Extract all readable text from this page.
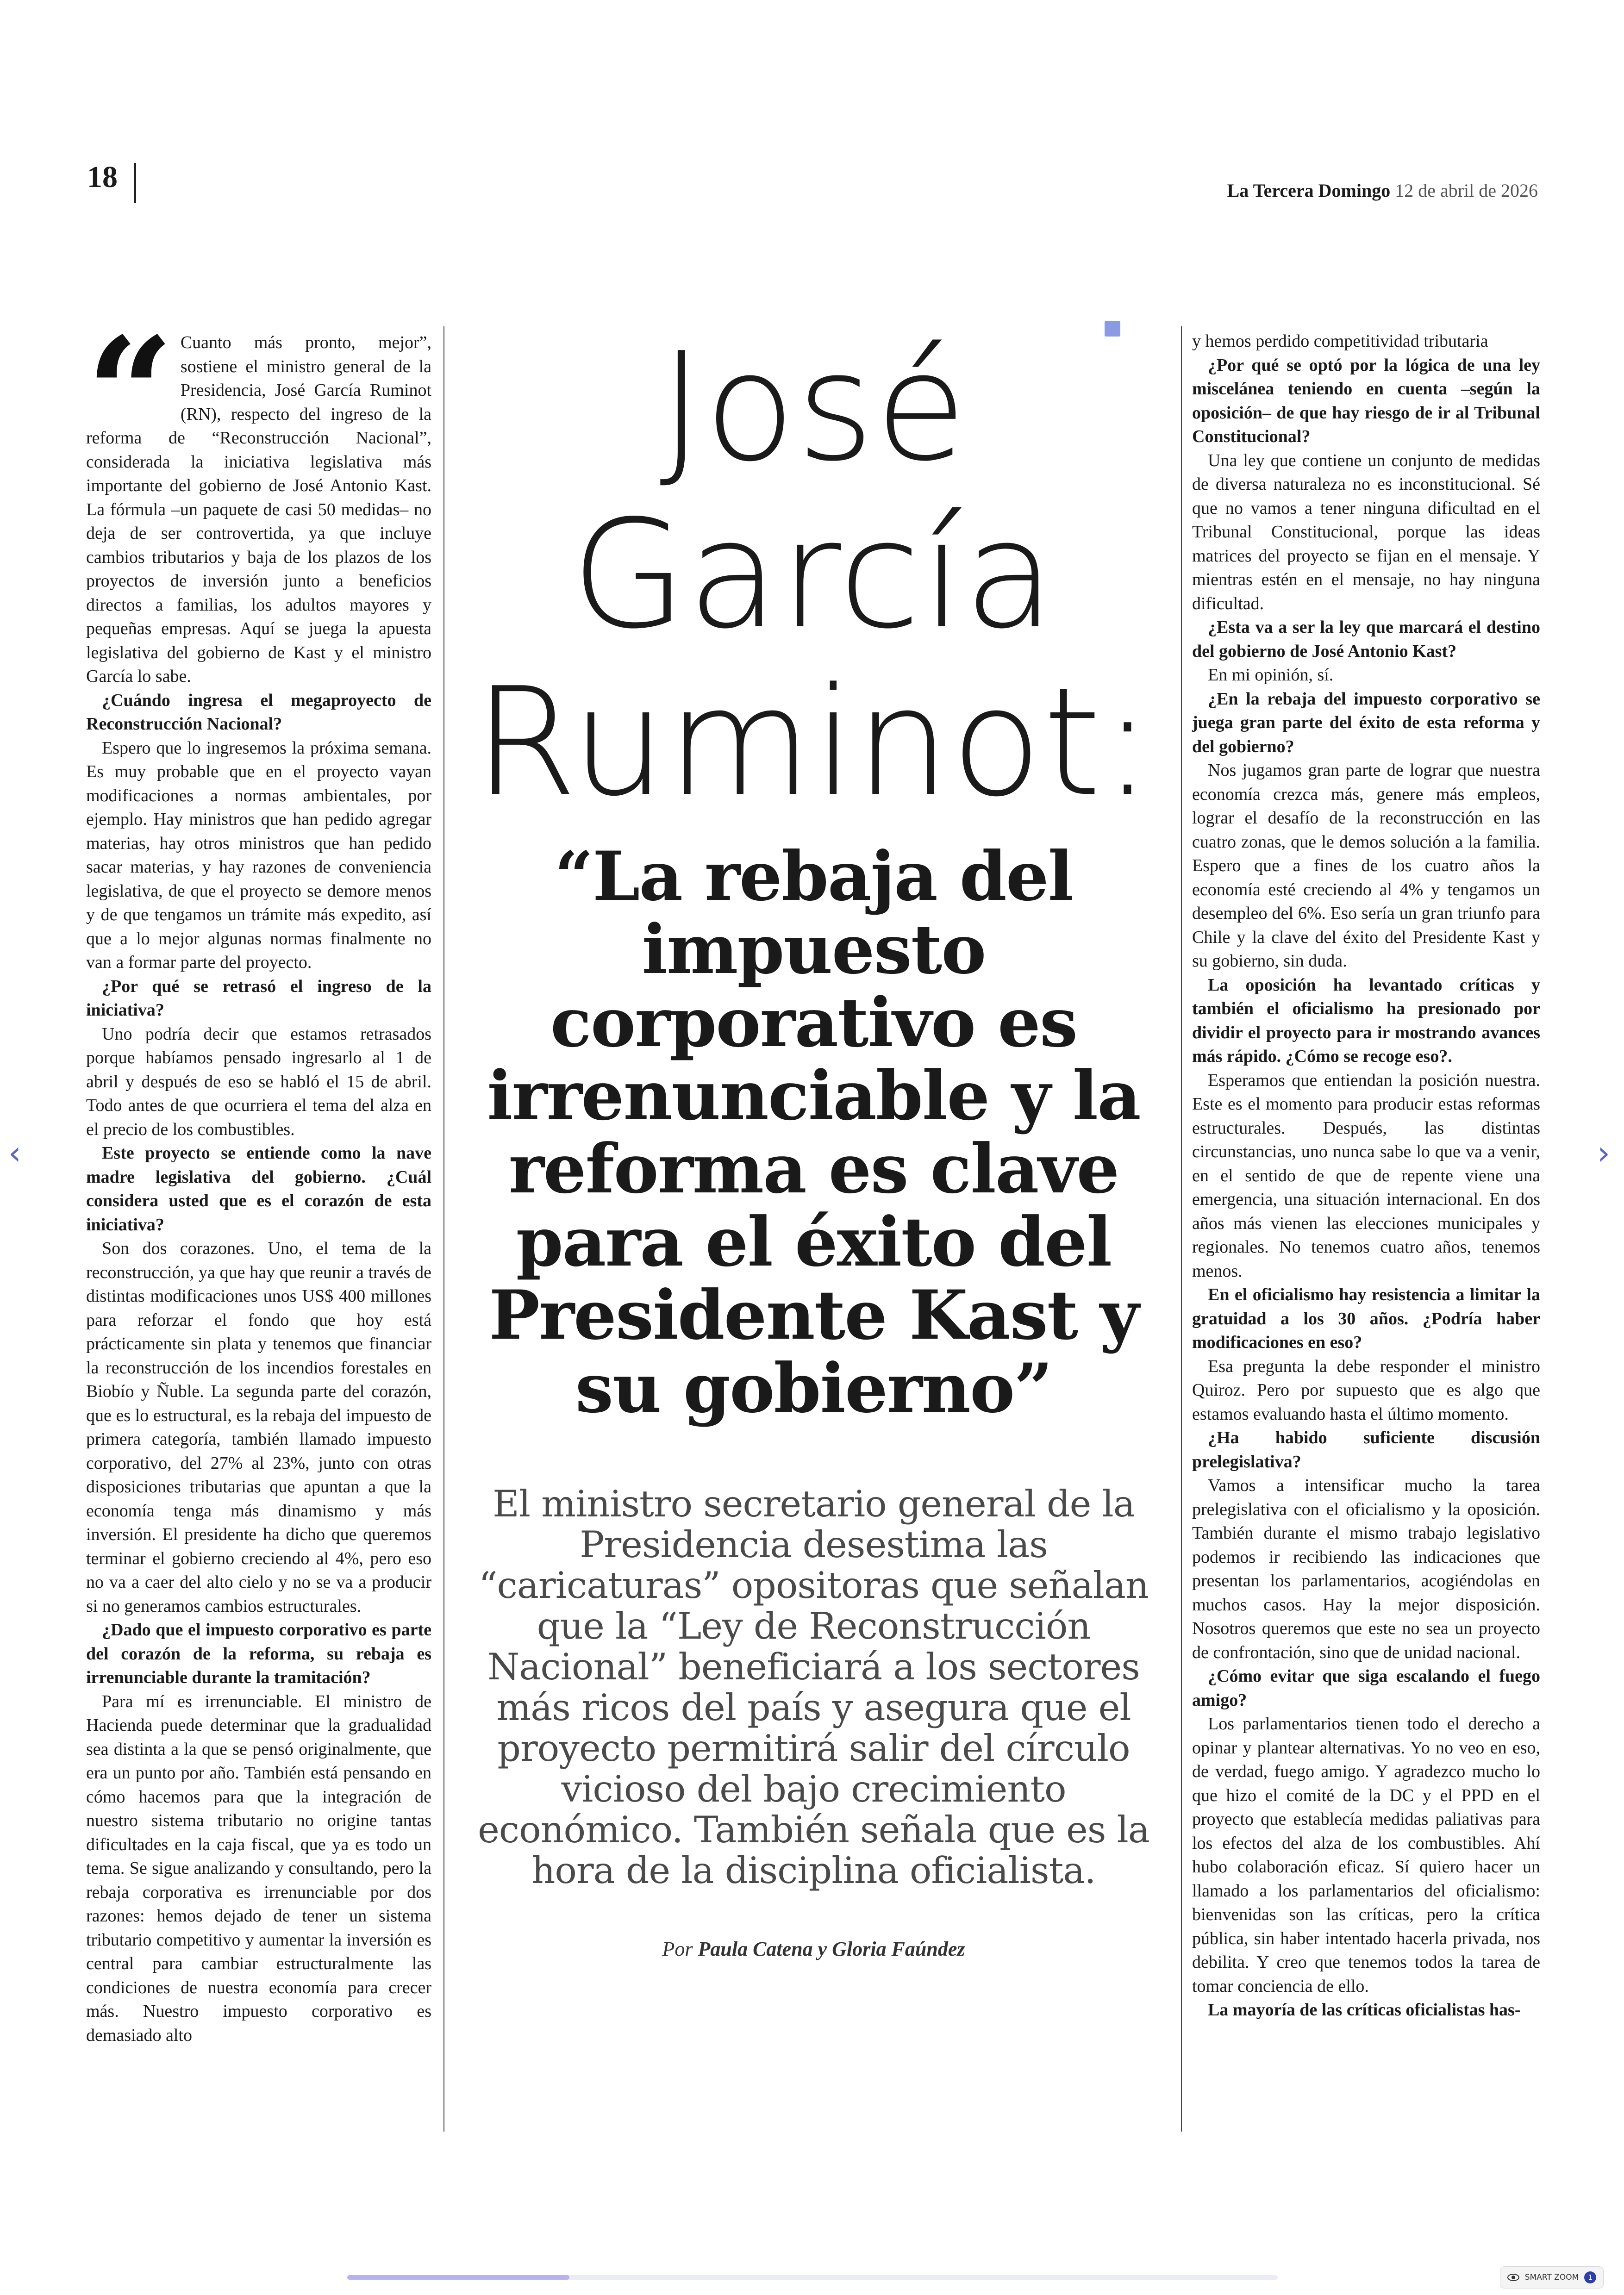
18	La Tercera Domingo 12 de abril de 2026

“ Cuanto más pronto, mejor”, sostiene el ministro general de la Presidencia, José García Ruminot (RN), respecto del ingreso de la reforma de “Reconstrucción Nacional”, considerada la iniciativa legislativa más importante del gobierno de José Antonio Kast. La fórmula –un paquete de casi 50 medidas– no deja de ser controvertida, ya que incluye cambios tributarios y baja de los plazos de los proyectos de inversión junto a beneficios directos a familias, los adultos mayores y pequeñas empresas. Aquí se juega la apuesta legislativa del gobierno de Kast y el ministro García lo sabe.

¿Cuándo ingresa el megaproyecto de Reconstrucción Nacional?

Espero que lo ingresemos la próxima semana. Es muy probable que en el proyecto vayan modificaciones a normas ambientales, por ejemplo. Hay ministros que han pedido agregar materias, hay otros ministros que han pedido sacar materias, y hay razones de conveniencia legislativa, de que el proyecto se demore menos y de que tengamos un trámite más expedito, así que a lo mejor algunas normas finalmente no van a formar parte del proyecto.

¿Por qué se retrasó el ingreso de la iniciativa?

Uno podría decir que estamos retrasados porque habíamos pensado ingresarlo al 1 de abril y después de eso se habló el 15 de abril. Todo antes de que ocurriera el tema del alza en el precio de los combustibles.

Este proyecto se entiende como la nave madre legislativa del gobierno. ¿Cuál considera usted que es el corazón de esta iniciativa?

Son dos corazones. Uno, el tema de la reconstrucción, ya que hay que reunir a través de distintas modificaciones unos US$ 400 millones para reforzar el fondo que hoy está prácticamente sin plata y tenemos que financiar la reconstrucción de los incendios forestales en Biobío y Ñuble. La segunda parte del corazón, que es lo estructural, es la rebaja del impuesto de primera categoría, también llamado impuesto corporativo, del 27% al 23%, junto con otras disposiciones tributarias que apuntan a que la economía tenga más dinamismo y más inversión. El presidente ha dicho que queremos terminar el gobierno creciendo al 4%, pero eso no va a caer del alto cielo y no se va a producir si no generamos cambios estructurales.

¿Dado que el impuesto corporativo es parte del corazón de la reforma, su rebaja es irrenunciable durante la tramitación?

Para mí es irrenunciable. El ministro de Hacienda puede determinar que la gradualidad sea distinta a la que se pensó originalmente, que era un punto por año. También está pensando en cómo hacemos para que la integración de nuestro sistema tributario no origine tantas dificultades en la caja fiscal, que ya es todo un tema. Se sigue analizando y consultando, pero la rebaja corporativa es irrenunciable por dos razones: hemos dejado de tener un sistema tributario competitivo y aumentar la inversión es central para cambiar estructuralmente las condiciones de nuestra economía para crecer más. Nuestro impuesto corporativo es demasiado alto

José
García
Ruminot:
“La rebaja del impuesto corporativo es irrenunciable y la reforma es clave para el éxito del Presidente Kast y su gobierno”
El ministro secretario general de la Presidencia desestima las “caricaturas” opositoras que señalan que la “Ley de Reconstrucción Nacional” beneficiará a los sectores más ricos del país y asegura que el proyecto permitirá salir del círculo vicioso del bajo crecimiento económico. También señala que es la hora de la disciplina oficialista.
Por Paula Catena y Gloria Faúndez

y hemos perdido competitividad tributaria

¿Por qué se optó por la lógica de una ley miscelánea teniendo en cuenta –según la oposición– de que hay riesgo de ir al Tribunal Constitucional?

Una ley que contiene un conjunto de medidas de diversa naturaleza no es inconstitucional. Sé que no vamos a tener ninguna dificultad en el Tribunal Constitucional, porque las ideas matrices del proyecto se fijan en el mensaje. Y mientras estén en el mensaje, no hay ninguna dificultad.

¿Esta va a ser la ley que marcará el destino del gobierno de José Antonio Kast?

En mi opinión, sí.

¿En la rebaja del impuesto corporativo se juega gran parte del éxito de esta reforma y del gobierno?

Nos jugamos gran parte de lograr que nuestra economía crezca más, genere más empleos, lograr el desafío de la reconstrucción en las cuatro zonas, que le demos solución a la familia. Espero que a fines de los cuatro años la economía esté creciendo al 4% y tengamos un desempleo del 6%. Eso sería un gran triunfo para Chile y la clave del éxito del Presidente Kast y su gobierno, sin duda.

La oposición ha levantado críticas y también el oficialismo ha presionado por dividir el proyecto para ir mostrando avances más rápido. ¿Cómo se recoge eso?.

Esperamos que entiendan la posición nuestra. Este es el momento para producir estas reformas estructurales. Después, las distintas circunstancias, uno nunca sabe lo que va a venir, en el sentido de que de repente viene una emergencia, una situación internacional. En dos años más vienen las elecciones municipales y regionales. No tenemos cuatro años, tenemos menos.

En el oficialismo hay resistencia a limitar la gratuidad a los 30 años. ¿Podría haber modificaciones en eso?

Esa pregunta la debe responder el ministro Quiroz. Pero por supuesto que es algo que estamos evaluando hasta el último momento.

¿Ha habido suficiente discusión prelegislativa?

Vamos a intensificar mucho la tarea prelegislativa con el oficialismo y la oposición. También durante el mismo trabajo legislativo podemos ir recibiendo las indicaciones que presentan los parlamentarios, acogiéndolas en muchos casos. Hay la mejor disposición. Nosotros queremos que este no sea un proyecto de confrontación, sino que de unidad nacional.

¿Cómo evitar que siga escalando el fuego amigo?

Los parlamentarios tienen todo el derecho a opinar y plantear alternativas. Yo no veo en eso, de verdad, fuego amigo. Y agradezco mucho lo que hizo el comité de la DC y el PPD en el proyecto que establecía medidas paliativas para los efectos del alza de los combustibles. Ahí hubo colaboración eficaz. Sí quiero hacer un llamado a los parlamentarios del oficialismo: bienvenidas son las críticas, pero la crítica pública, sin haber intentado hacerla privada, nos debilita. Y creo que tenemos todos la tarea de tomar conciencia de ello.

La mayoría de las críticas oficialistas has-

‹	›
SMART ZOOM	1
